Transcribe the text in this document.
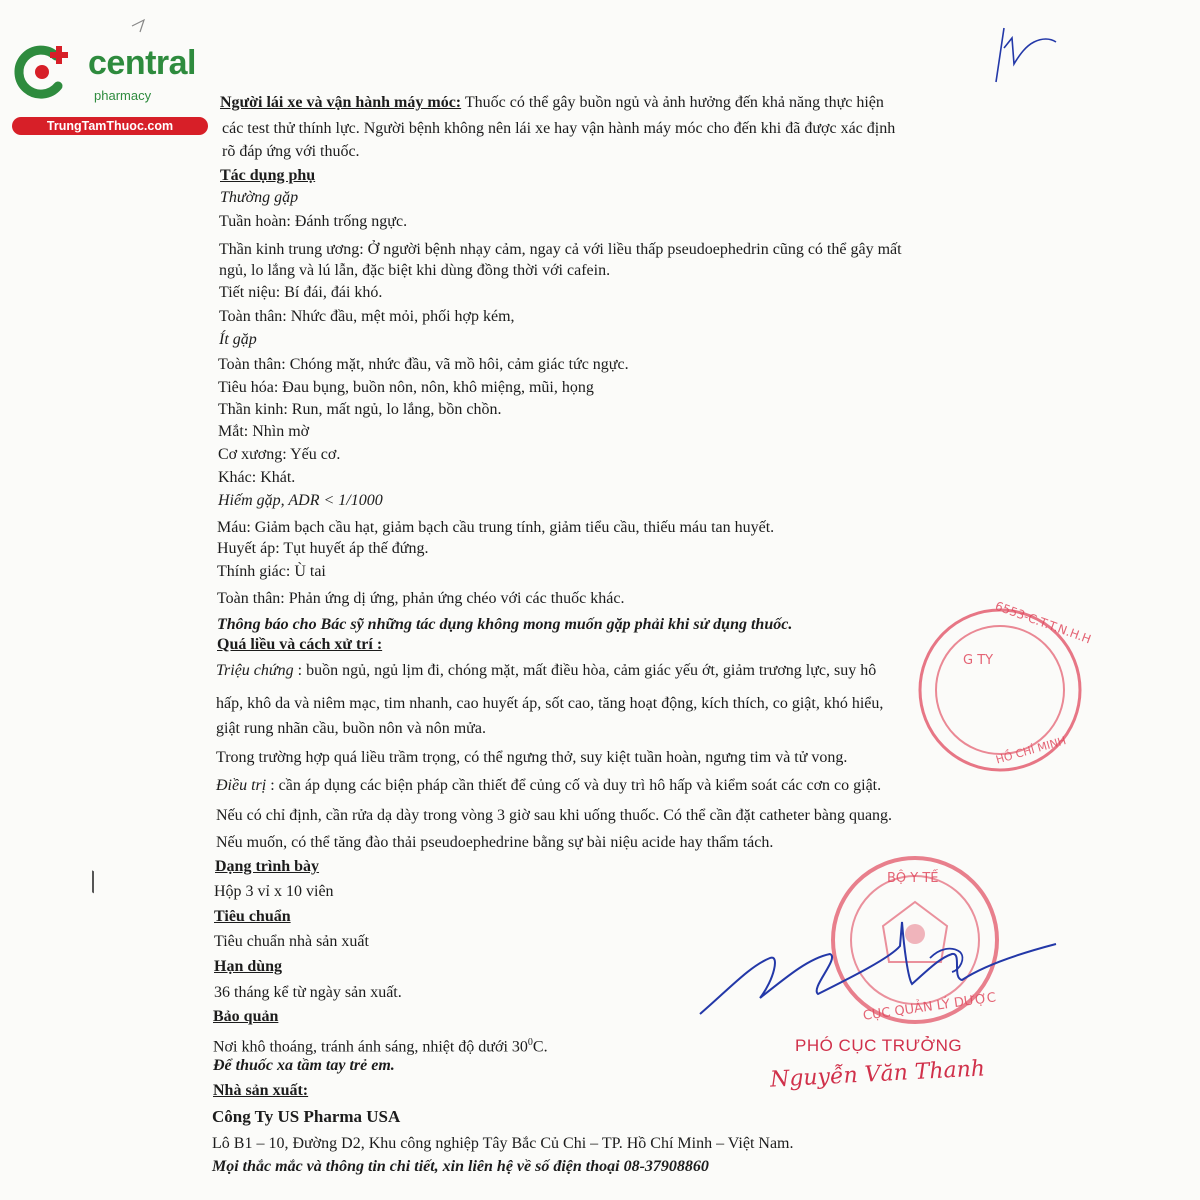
central
pharmacy
TrungTamThuoc.com
Người lái xe và vận hành máy móc: Thuốc có thể gây buồn ngủ và ảnh hưởng đến khả năng thực hiện
các test thử thính lực. Người bệnh không nên lái xe hay vận hành máy móc cho đến khi đã được xác định
rõ đáp ứng với thuốc.
Tác dụng phụ
Thường gặp
Tuần hoàn: Đánh trống ngực.
Thần kinh trung ương: Ở người bệnh nhạy cảm, ngay cả với liều thấp pseudoephedrin cũng có thể gây mất
ngủ, lo lắng và lú lẫn, đặc biệt khi dùng đồng thời với cafein.
Tiết niệu: Bí đái, đái khó.
Toàn thân: Nhức đầu, mệt mỏi, phối hợp kém,
Ít gặp
Toàn thân: Chóng mặt, nhức đầu, vã mồ hôi, cảm giác tức ngực.
Tiêu hóa: Đau bụng, buồn nôn, nôn, khô miệng, mũi, họng
Thần kinh: Run, mất ngủ, lo lắng, bồn chồn.
Mắt: Nhìn mờ
Cơ xương: Yếu cơ.
Khác: Khát.
Hiếm gặp, ADR < 1/1000
Máu: Giảm bạch cầu hạt, giảm bạch cầu trung tính, giảm tiểu cầu, thiếu máu tan huyết.
Huyết áp: Tụt huyết áp thế đứng.
Thính giác: Ù tai
Toàn thân: Phản ứng dị ứng, phản ứng chéo với các thuốc khác.
Thông báo cho Bác sỹ những tác dụng không mong muốn gặp phải khi sử dụng thuốc.
Quá liều và cách xử trí :
Triệu chứng : buồn ngủ, ngủ lịm đi, chóng mặt, mất điều hòa, cảm giác yếu ớt, giảm trương lực, suy hô
hấp, khô da và niêm mạc, tim nhanh, cao huyết áp, sốt cao, tăng hoạt động, kích thích, co giật, khó hiểu,
giật rung nhãn cầu, buồn nôn và nôn mửa.
Trong trường hợp quá liều trầm trọng, có thể ngưng thở, suy kiệt tuần hoàn, ngưng tim và tử vong.
Điều trị : cần áp dụng các biện pháp cần thiết để củng cố và duy trì hô hấp và kiểm soát các cơn co giật.
Nếu có chỉ định, cần rửa dạ dày trong vòng 3 giờ sau khi uống thuốc. Có thể cần đặt catheter bàng quang.
Nếu muốn, có thể tăng đào thải pseudoephedrine bằng sự bài niệu acide hay thẩm tách.
Dạng trình bày
Hộp 3 vỉ x 10 viên
Tiêu chuẩn
Tiêu chuẩn nhà sản xuất
Hạn dùng
36 tháng kể từ ngày sản xuất.
Bảo quản
Nơi khô thoáng, tránh ánh sáng, nhiệt độ dưới $30^0C$.
Để thuốc xa tầm tay trẻ em.
Nhà sản xuất:
Công Ty US Pharma USA
Lô B1 – 10, Đường D2, Khu công nghiệp Tây Bắc Củ Chi – TP. Hồ Chí Minh – Việt Nam.
Mọi thắc mắc và thông tin chi tiết, xin liên hệ về số điện thoại 08-37908860
6553-C.T.T.N.H.H
G TY
HỒ CHÍ MINH
BỘ Y TẾ
CỤC QUẢN LÝ DƯỢC
PHÓ CỤC TRƯỞNG
Nguyễn Văn Thanh
